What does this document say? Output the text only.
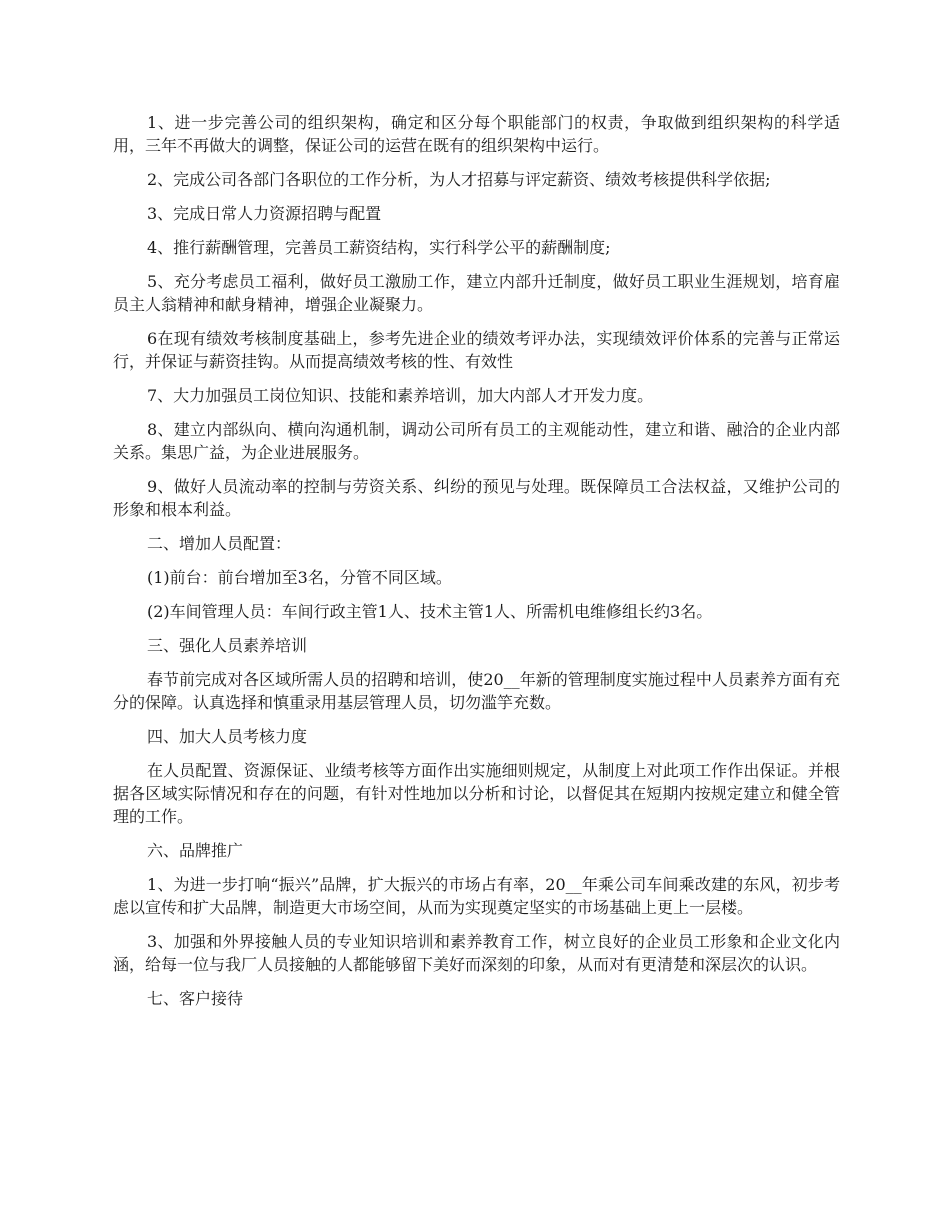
1、进一步完善公司的组织架构，确定和区分每个职能部门的权责，争取做到组织架构的科学适用，三年不再做大的调整，保证公司的运营在既有的组织架构中运行。

2、完成公司各部门各职位的工作分析，为人才招募与评定薪资、绩效考核提供科学依据;

3、完成日常人力资源招聘与配置

4、推行薪酬管理，完善员工薪资结构，实行科学公平的薪酬制度;

5、充分考虑员工福利，做好员工激励工作，建立内部升迁制度，做好员工职业生涯规划，培育雇员主人翁精神和献身精神，增强企业凝聚力。

6在现有绩效考核制度基础上，参考先进企业的绩效考评办法，实现绩效评价体系的完善与正常运行，并保证与薪资挂钩。从而提高绩效考核的性、有效性

7、大力加强员工岗位知识、技能和素养培训，加大内部人才开发力度。

8、建立内部纵向、横向沟通机制，调动公司所有员工的主观能动性，建立和谐、融洽的企业内部关系。集思广益，为企业进展服务。

9、做好人员流动率的控制与劳资关系、纠纷的预见与处理。既保障员工合法权益，又维护公司的形象和根本利益。

二、增加人员配置：

(1)前台：前台增加至3名，分管不同区域。

(2)车间管理人员：车间行政主管1人、技术主管1人、所需机电维修组长约3名。

三、强化人员素养培训

春节前完成对各区域所需人员的招聘和培训，使20__年新的管理制度实施过程中人员素养方面有充分的保障。认真选择和慎重录用基层管理人员，切勿滥竽充数。

四、加大人员考核力度

在人员配置、资源保证、业绩考核等方面作出实施细则规定，从制度上对此项工作作出保证。并根据各区域实际情况和存在的问题，有针对性地加以分析和讨论，以督促其在短期内按规定建立和健全管理的工作。

六、品牌推广

1、为进一步打响“振兴”品牌，扩大振兴的市场占有率，20__年乘公司车间乘改建的东风，初步考虑以宣传和扩大品牌，制造更大市场空间，从而为实现奠定坚实的市场基础上更上一层楼。

3、加强和外界接触人员的专业知识培训和素养教育工作，树立良好的企业员工形象和企业文化内涵，给每一位与我厂人员接触的人都能够留下美好而深刻的印象，从而对有更清楚和深层次的认识。

七、客户接待
